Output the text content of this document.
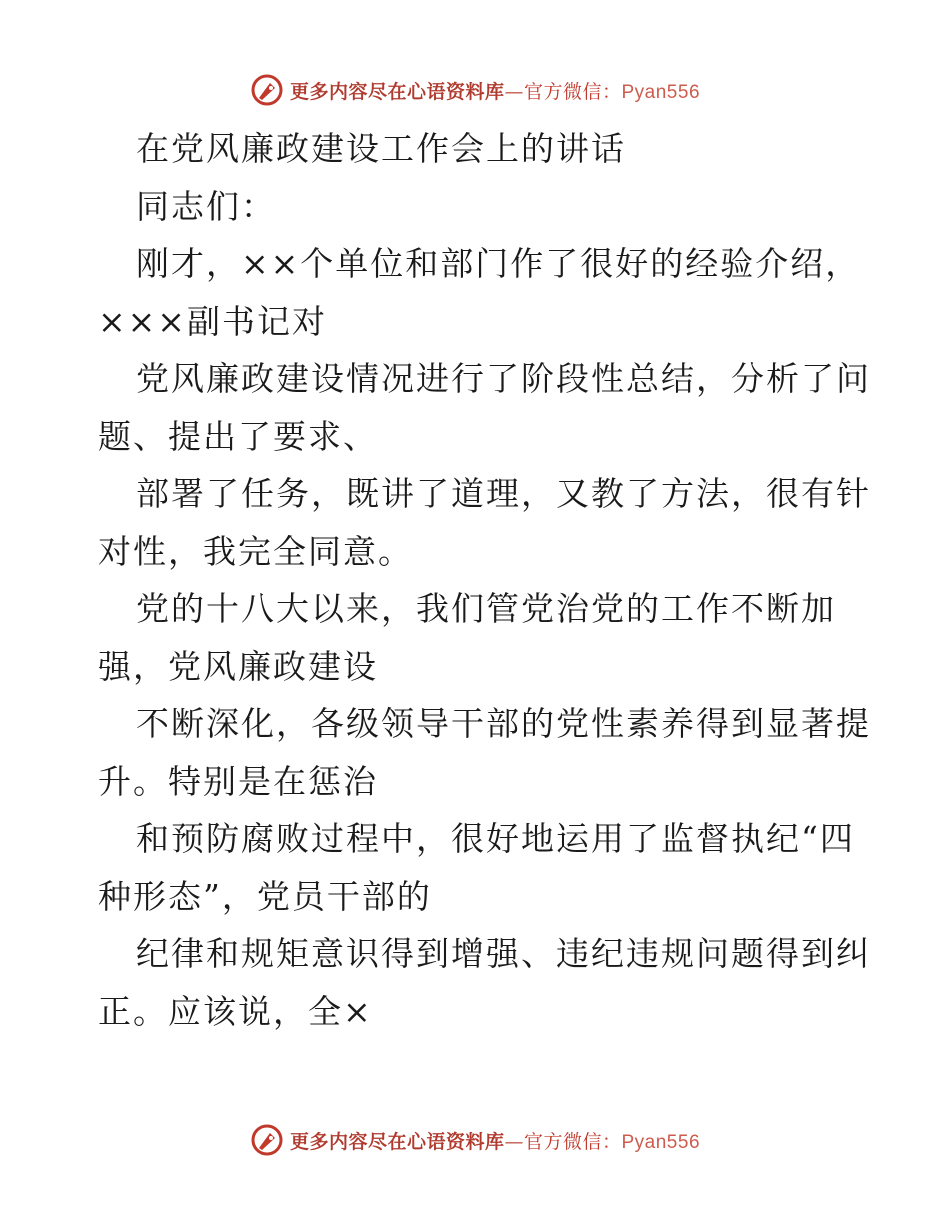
更多内容尽在心语资料库—官方微信：Pyan556
在党风廉政建设工作会上的讲话
同志们：
刚才，××个单位和部门作了很好的经验介绍，
×××副书记对
党风廉政建设情况进行了阶段性总结，分析了问
题、提出了要求、
部署了任务，既讲了道理，又教了方法，很有针
对性，我完全同意。
党的十八大以来，我们管党治党的工作不断加
强，党风廉政建设
不断深化，各级领导干部的党性素养得到显著提
升。特别是在惩治
和预防腐败过程中，很好地运用了监督执纪“四
种形态”，党员干部的
纪律和规矩意识得到增强、违纪违规问题得到纠
正。应该说，全×
更多内容尽在心语资料库—官方微信：Pyan556
